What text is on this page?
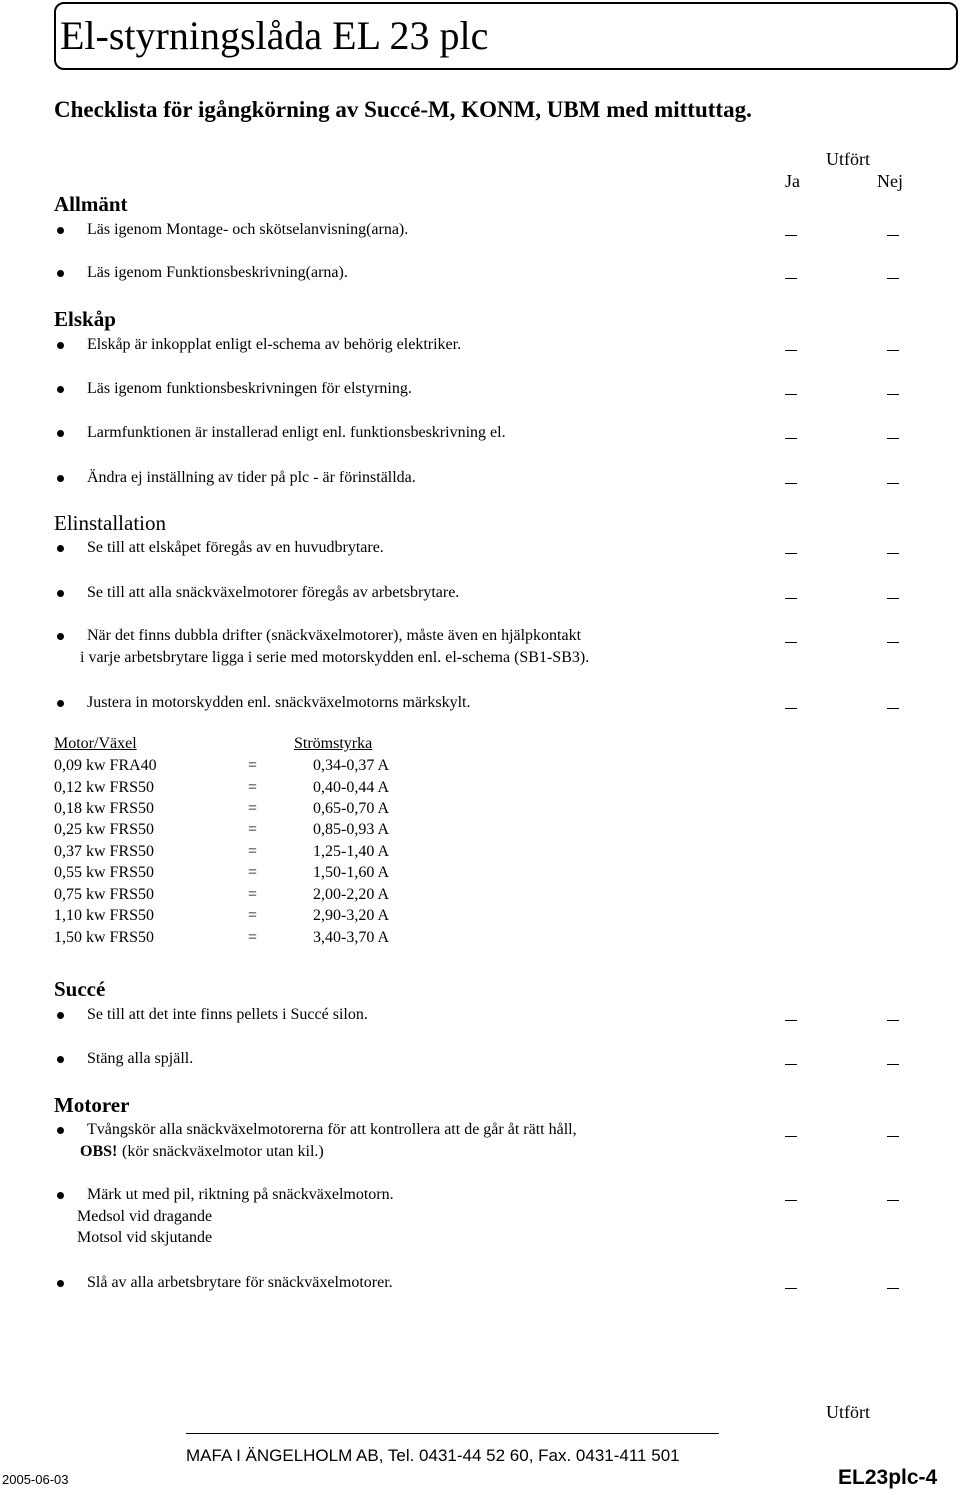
El-styrningslåda EL 23 plc
Checklista för igångkörning av Succé-M, KONM, UBM med mittuttag.
Utfört
Ja	Nej
Allmänt
Läs igenom Montage- och skötselanvisning(arna).
Läs igenom Funktionsbeskrivning(arna).
Elskåp
Elskåp är inkopplat enligt el-schema av behörig elektriker.
Läs igenom funktionsbeskrivningen för elstyrning.
Larmfunktionen är installerad enligt enl. funktionsbeskrivning el.
Ändra ej inställning av tider på plc - är förinställda.
Elinstallation
Se till att elskåpet föregås av en huvudbrytare.
Se till att alla snäckväxelmotorer föregås av arbetsbrytare.
När det finns dubbla drifter (snäckväxelmotorer), måste även en hjälpkontakt
i varje arbetsbrytare ligga i serie med motorskydden enl. el-schema (SB1-SB3).
Justera in motorskydden enl. snäckväxelmotorns märkskylt.
Motor/Växel	Strömstyrka
0,09 kw FRA40	=	0,34-0,37 A
0,12 kw FRS50	=	0,40-0,44 A
0,18 kw FRS50	=	0,65-0,70 A
0,25 kw FRS50	=	0,85-0,93 A
0,37 kw FRS50	=	1,25-1,40 A
0,55 kw FRS50	=	1,50-1,60 A
0,75 kw FRS50	=	2,00-2,20 A
1,10 kw FRS50	=	2,90-3,20 A
1,50 kw FRS50	=	3,40-3,70 A
Succé
Se till att det inte finns pellets i Succé silon.
Stäng alla spjäll.
Motorer
Tvångskör alla snäckväxelmotorerna för att kontrollera att de går åt rätt håll,
OBS! (kör snäckväxelmotor utan kil.)
Märk ut med pil, riktning på snäckväxelmotorn.
Medsol vid dragande
Motsol vid skjutande
Slå av alla arbetsbrytare för snäckväxelmotorer.
Utfört
MAFA I ÄNGELHOLM AB, Tel. 0431-44 52 60, Fax. 0431-411 501
2005-06-03	EL23plc-4
